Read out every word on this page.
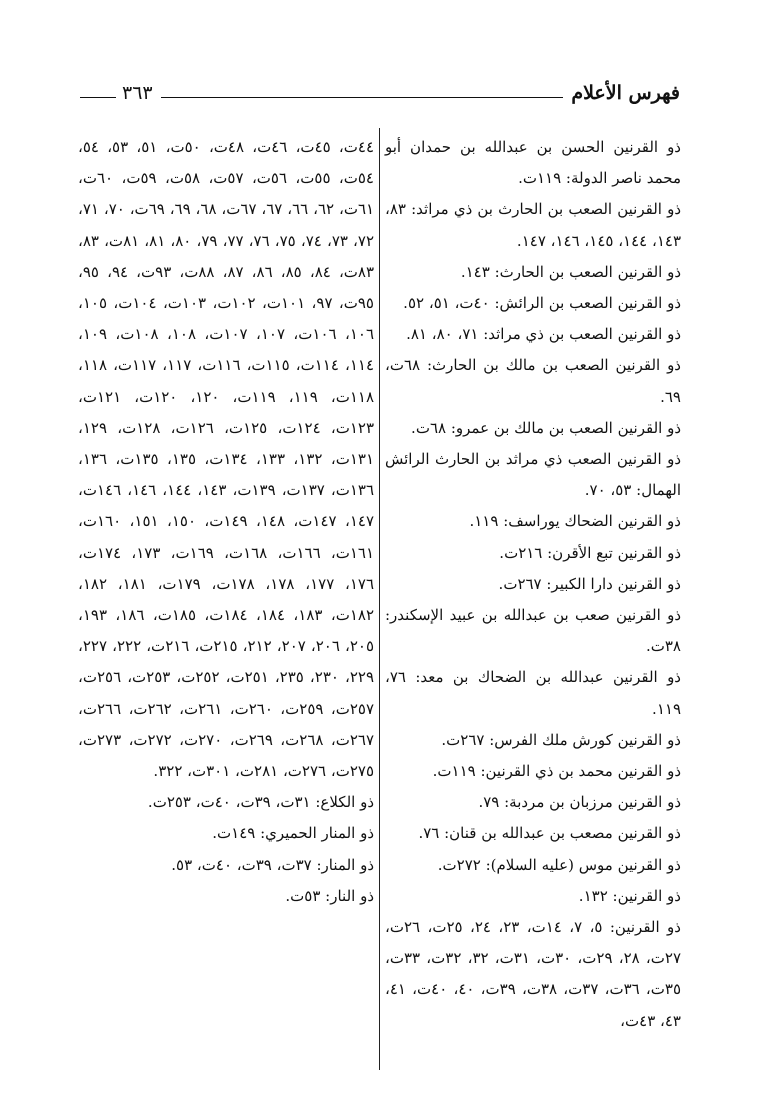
فهرس الأعلام
٣٦٣

ذو القرنين الحسن بن عبدالله بن حمدان أبو محمد ناصر الدولة: ١١٩ت.

ذو القرنين الصعب بن الحارث بن ذي مراثد: ٨٣، ١٤٣، ١٤٤، ١٤٥، ١٤٦، ١٤٧.

ذو القرنين الصعب بن الحارث: ١٤٣.

ذو القرنين الصعب بن الرائش: ٤٠ت، ٥١، ٥٢.

ذو القرنين الصعب بن ذي مراثد: ٧١، ٨٠، ٨١.

ذو القرنين الصعب بن مالك بن الحارث: ٦٨ت، ٦٩.

ذو القرنين الصعب بن مالك بن عمرو: ٦٨ت.

ذو القرنين الصعب ذي مراثد بن الحارث الرائش الهمال: ٥٣، ٧٠.

ذو القرنين الضحاك يوراسف: ١١٩.

ذو القرنين تبع الأقرن: ٢١٦ت.

ذو القرنين دارا الكبير: ٢٦٧ت.

ذو القرنين صعب بن عبدالله بن عبيد الإسكندر: ٣٨ت.

ذو القرنين عبدالله بن الضحاك بن معد: ٧٦، ١١٩.

ذو القرنين كورش ملك الفرس: ٢٦٧ت.

ذو القرنين محمد بن ذي القرنين: ١١٩ت.

ذو القرنين مرزبان بن مردبة: ٧٩.

ذو القرنين مصعب بن عبدالله بن قنان: ٧٦.

ذو القرنين موس (عليه السلام): ٢٧٢ت.

ذو القرنين: ١٣٢.

ذو القرنين: ٥، ٧، ١٤ت، ٢٣، ٢٤، ٢٥ت، ٢٦ت، ٢٧ت، ٢٨، ٢٩ت، ٣٠ت، ٣١ت، ٣٢، ٣٢ت، ٣٣ت، ٣٥ت، ٣٦ت، ٣٧ت، ٣٨ت، ٣٩ت، ٤٠، ٤٠ت، ٤١، ٤٣، ٤٣ت،

٤٤ت، ٤٥ت، ٤٦ت، ٤٨ت، ٥٠ت، ٥١، ٥٣، ٥٤، ٥٤ت، ٥٥ت، ٥٦ت، ٥٧ت، ٥٨ت، ٥٩ت، ٦٠ت، ٦١ت، ٦٢، ٦٦، ٦٧، ٦٧ت، ٦٨، ٦٩، ٦٩ت، ٧٠، ٧١، ٧٢، ٧٣، ٧٤، ٧٥، ٧٦، ٧٧، ٧٩، ٨٠، ٨١، ٨١ت، ٨٣، ٨٣ت، ٨٤، ٨٥، ٨٦، ٨٧، ٨٨ت، ٩٣ت، ٩٤، ٩٥، ٩٥ت، ٩٧، ١٠١ت، ١٠٢ت، ١٠٣ت، ١٠٤ت، ١٠٥، ١٠٦، ١٠٦ت، ١٠٧، ١٠٧ت، ١٠٨، ١٠٨ت، ١٠٩، ١١٤، ١١٤ت، ١١٥ت، ١١٦ت، ١١٧، ١١٧ت، ١١٨، ١١٨ت، ١١٩، ١١٩ت، ١٢٠، ١٢٠ت، ١٢١ت، ١٢٣ت، ١٢٤ت، ١٢٥ت، ١٢٦ت، ١٢٨ت، ١٢٩، ١٣١ت، ١٣٢، ١٣٣، ١٣٤ت، ١٣٥، ١٣٥ت، ١٣٦، ١٣٦ت، ١٣٧ت، ١٣٩ت، ١٤٣، ١٤٤، ١٤٦، ١٤٦ت، ١٤٧، ١٤٧ت، ١٤٨، ١٤٩ت، ١٥٠، ١٥١، ١٦٠ت، ١٦١ت، ١٦٦ت، ١٦٨ت، ١٦٩ت، ١٧٣، ١٧٤ت، ١٧٦، ١٧٧، ١٧٨، ١٧٨ت، ١٧٩ت، ١٨١، ١٨٢، ١٨٢ت، ١٨٣، ١٨٤، ١٨٤ت، ١٨٥ت، ١٨٦، ١٩٣، ٢٠٥، ٢٠٦، ٢٠٧، ٢١٢، ٢١٥ت، ٢١٦ت، ٢٢٢، ٢٢٧، ٢٢٩، ٢٣٠، ٢٣٥، ٢٥١ت، ٢٥٢ت، ٢٥٣ت، ٢٥٦ت، ٢٥٧ت، ٢٥٩ت، ٢٦٠ت، ٢٦١ت، ٢٦٢ت، ٢٦٦ت، ٢٦٧ت، ٢٦٨ت، ٢٦٩ت، ٢٧٠ت، ٢٧٢ت، ٢٧٣ت، ٢٧٥ت، ٢٧٦ت، ٢٨١ت، ٣٠١ت، ٣٢٢.

ذو الكلاع: ٣١ت، ٣٩ت، ٤٠ت، ٢٥٣ت.

ذو المنار الحميري: ١٤٩ت.

ذو المنار: ٣٧ت، ٣٩ت، ٤٠ت، ٥٣.

ذو النار: ٥٣ت.
